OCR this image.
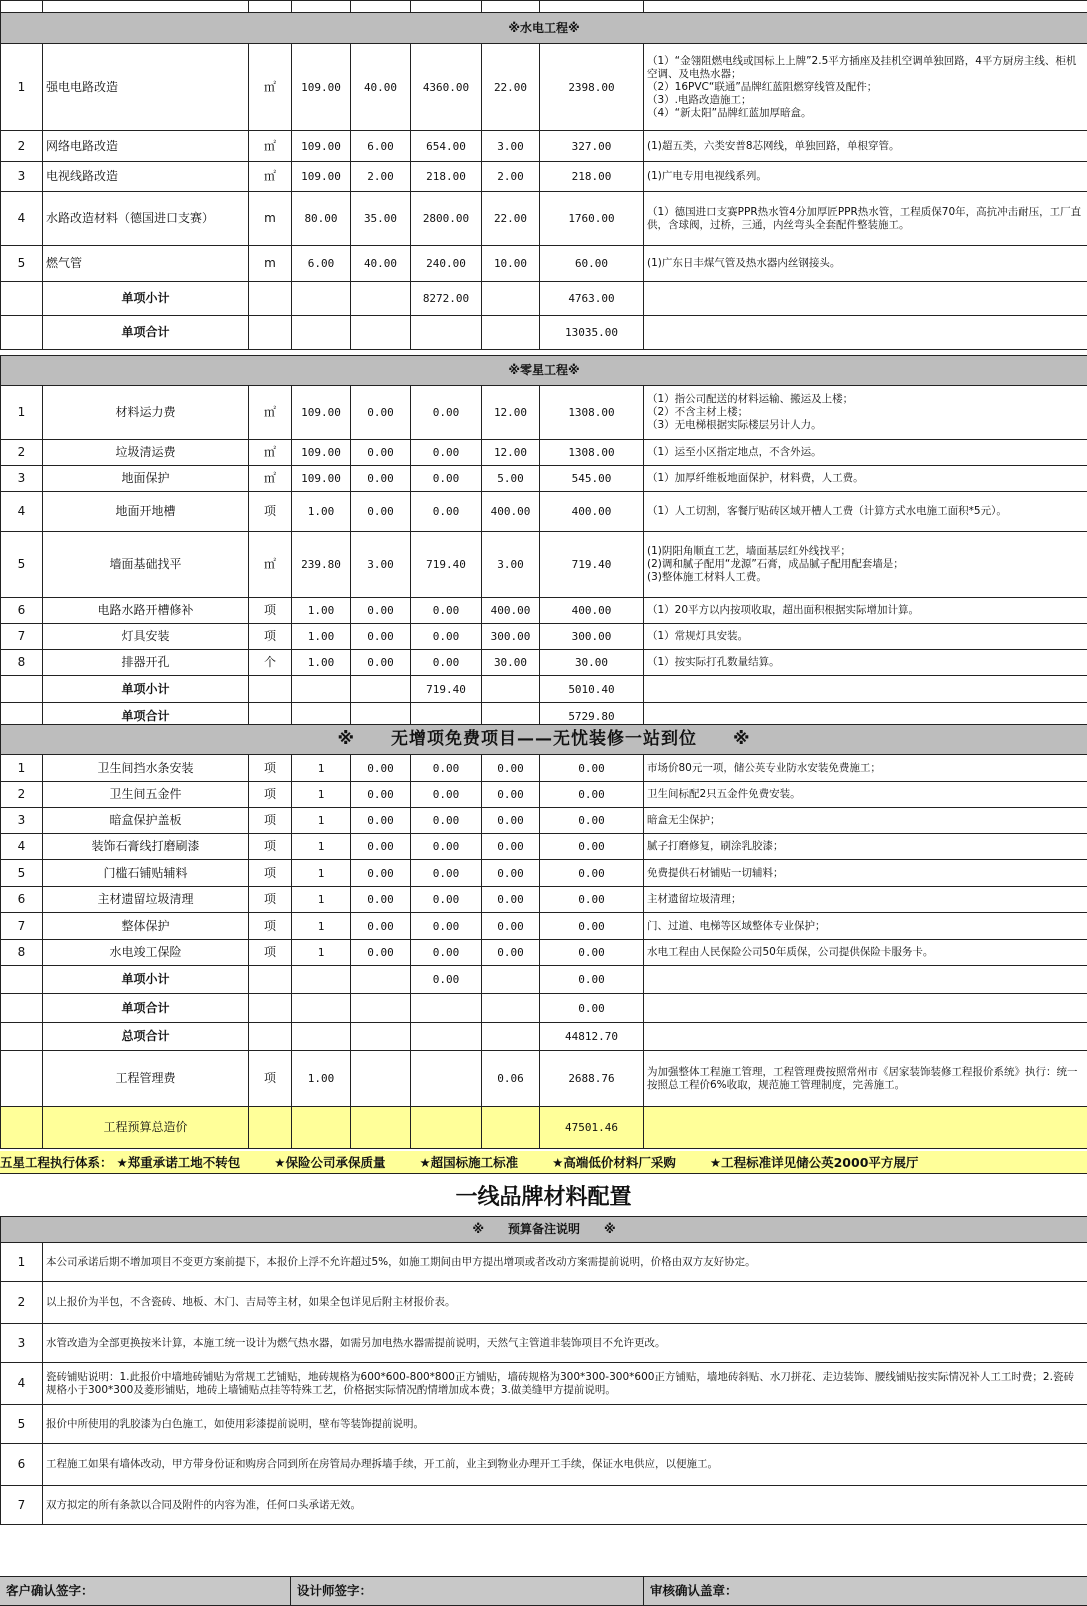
※水电工程※								
1	强电电路改造	㎡	109.00	40.00	4360.00	22.00	2398.00	（1）“金翎阻燃电线或国标上上牌”2.5平方插座及挂机空调单独回路，4平方厨房主线、柜机空调、及电热水器；
（2）16PVC“联通”品牌红蓝阻燃穿线管及配件；
（3）.电路改造施工；
（4）“新太阳”品牌红蓝加厚暗盒。
2	网络电路改造	㎡	109.00	6.00	654.00	3.00	327.00	(1)超五类，六类安普8芯网线，单独回路，单根穿管。
3	电视线路改造	㎡	109.00	2.00	218.00	2.00	218.00	(1)广电专用电视线系列。
4	水路改造材料（德国进口支赛）	m	80.00	35.00	2800.00	22.00	1760.00	（1）德国进口支赛PPR热水管4分加厚匠PPR热水管，工程质保70年，高抗冲击耐压，工厂直供，含球阀，过桥，三通，内丝弯头全套配件整装施工。
5	燃气管	m	6.00	40.00	240.00	10.00	60.00	(1)广东日丰煤气管及热水器内丝钢接头。
	单项小计				8272.00		4763.00	
	单项合计						13035.00	
※零星工程※								
1	材料运力费	㎡	109.00	0.00	0.00	12.00	1308.00	（1）指公司配送的材料运输、搬运及上楼；
（2）不含主材上楼；
（3）无电梯根据实际楼层另计人力。
2	垃圾清运费	㎡	109.00	0.00	0.00	12.00	1308.00	（1）运至小区指定地点，不含外运。
3	地面保护	㎡	109.00	0.00	0.00	5.00	545.00	（1）加厚纤维板地面保护，材料费，人工费。
4	地面开地槽	项	1.00	0.00	0.00	400.00	400.00	（1）人工切割，客餐厅贴砖区域开槽人工费（计算方式水电施工面积*5元）。
5	墙面基础找平	㎡	239.80	3.00	719.40	3.00	719.40	(1)阴阳角顺直工艺，墙面基层红外线找平；
(2)调和腻子配用“龙源”石膏，成品腻子配用配套墙是；
(3)整体施工材料人工费。
6	电路水路开槽修补	项	1.00	0.00	0.00	400.00	400.00	（1）20平方以内按项收取，超出面积根据实际增加计算。
7	灯具安装	项	1.00	0.00	0.00	300.00	300.00	（1）常规灯具安装。
8	排器开孔	个	1.00	0.00	0.00	30.00	30.00	（1）按实际打孔数量结算。
	单项小计				719.40		5010.40	
	单项合计						5729.80	
※　　无增项免费项目——无忧装修一站到位　　※								
1	卫生间挡水条安装	项	1	0.00	0.00	0.00	0.00	市场价80元一项，储公英专业防水安装免费施工；
2	卫生间五金件	项	1	0.00	0.00	0.00	0.00	卫生间标配2只五金件免费安装。
3	暗盒保护盖板	项	1	0.00	0.00	0.00	0.00	暗盒无尘保护；
4	装饰石膏线打磨刷漆	项	1	0.00	0.00	0.00	0.00	腻子打磨修复，刷涂乳胶漆；
5	门槛石铺贴辅料	项	1	0.00	0.00	0.00	0.00	免费提供石材铺贴一切辅料；
6	主材遗留垃圾清理	项	1	0.00	0.00	0.00	0.00	主材遗留垃圾清理；
7	整体保护	项	1	0.00	0.00	0.00	0.00	门、过道、电梯等区域整体专业保护；
8	水电竣工保险	项	1	0.00	0.00	0.00	0.00	水电工程由人民保险公司50年质保，公司提供保险卡服务卡。
	单项小计				0.00		0.00	
	单项合计						0.00	
	总项合计						44812.70	
	工程管理费	项	1.00			0.06	2688.76	为加强整体工程施工管理，工程管理费按照常州市《居家装饰装修工程报价系统》执行：统一按照总工程价6%收取，规范施工管理制度，完善施工。
	工程预算总造价						47501.46	
五星工程执行体系： ★郑重承诺工地不转包	★保险公司承保质量	★超国标施工标准	★高端低价材料厂采购	★工程标准详见储公英2000平方展厅
一线品牌材料配置
※　　预算备注说明　　※	
1	本公司承诺后期不增加项目不变更方案前提下，本报价上浮不允许超过5%，如施工期间由甲方提出增项或者改动方案需提前说明，价格由双方友好协定。
2	以上报价为半包，不含瓷砖、地板、木门、吉局等主材，如果全包详见后附主材报价表。
3	水管改造为全部更换按米计算，本施工统一设计为燃气热水器，如需另加电热水器需提前说明，天然气主管道非装饰项目不允许更改。
4	瓷砖铺贴说明：1.此报价中墙地砖铺贴为常规工艺铺贴，地砖规格为600*600-800*800正方铺贴，墙砖规格为300*300-300*600正方铺贴，墙地砖斜贴、水刀拼花、走边装饰、腰线铺贴按实际情况补人工工时费；2.瓷砖规格小于300*300及菱形铺贴，地砖上墙铺贴点挂等特殊工艺，价格据实际情况酌情增加成本费；3.做美缝甲方提前说明。
5	报价中所使用的乳胶漆为白色施工，如使用彩漆提前说明，壁布等装饰提前说明。
6	工程施工如果有墙体改动，甲方带身份证和购房合同到所在房管局办理拆墙手续，开工前，业主到物业办理开工手续，保证水电供应，以便施工。
7	双方拟定的所有条款以合同及附件的内容为准，任何口头承诺无效。
客户确认签字：	设计师签字：	审核确认盖章：
